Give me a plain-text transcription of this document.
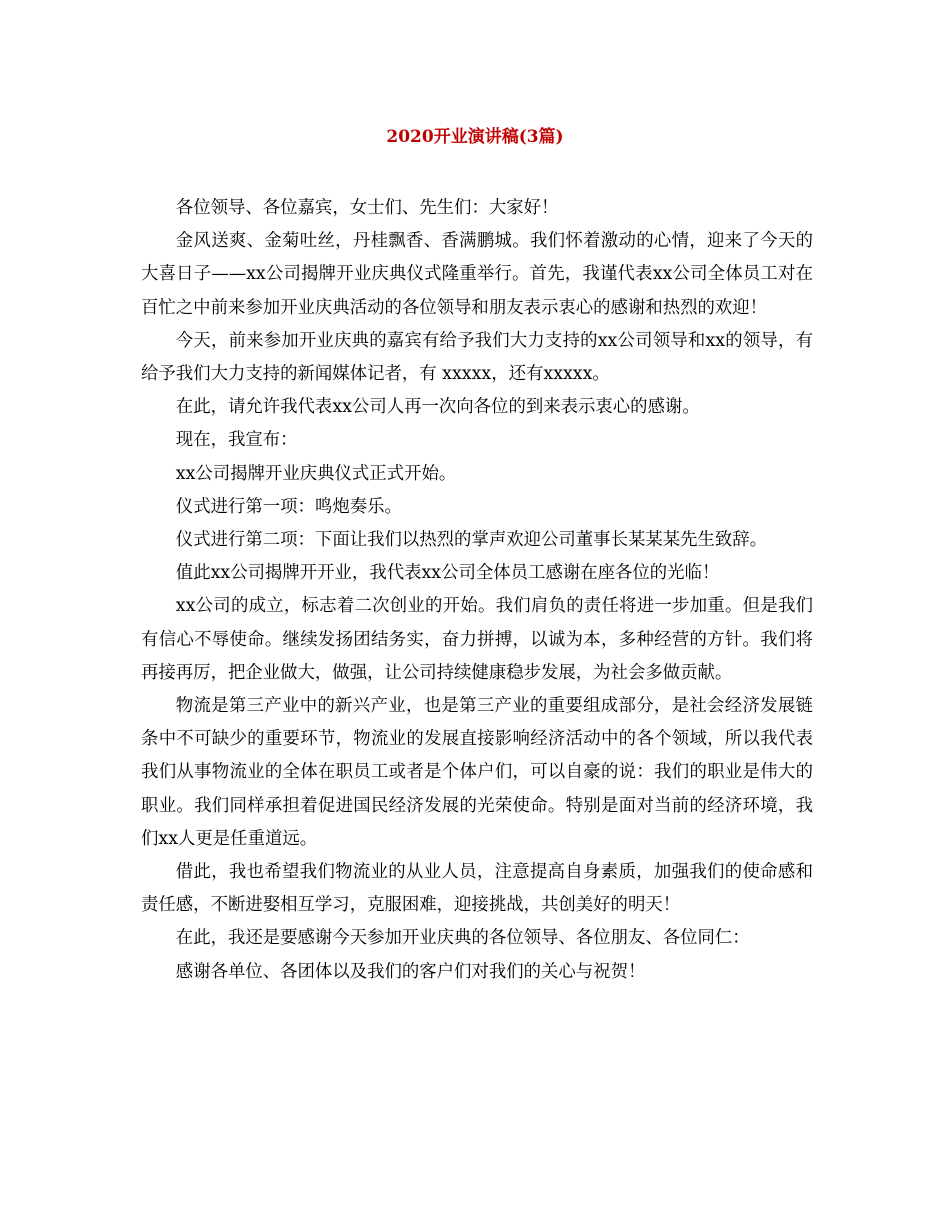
2020开业演讲稿(3篇)

各位领导、各位嘉宾，女士们、先生们：大家好！

金风送爽、金菊吐丝，丹桂飘香、香满鹏城。我们怀着激动的心情，迎来了今天的大喜日子——xx公司揭牌开业庆典仪式隆重举行。首先，我谨代表xx公司全体员工对在百忙之中前来参加开业庆典活动的各位领导和朋友表示衷心的感谢和热烈的欢迎！

今天，前来参加开业庆典的嘉宾有给予我们大力支持的xx公司领导和xx的领导，有给予我们大力支持的新闻媒体记者，有 xxxxx，还有xxxxx。

在此，请允许我代表xx公司人再一次向各位的到来表示衷心的感谢。

现在，我宣布：

xx公司揭牌开业庆典仪式正式开始。

仪式进行第一项：鸣炮奏乐。

仪式进行第二项：下面让我们以热烈的掌声欢迎公司董事长某某某先生致辞。

值此xx公司揭牌开开业，我代表xx公司全体员工感谢在座各位的光临！

xx公司的成立，标志着二次创业的开始。我们肩负的责任将进一步加重。但是我们有信心不辱使命。继续发扬团结务实，奋力拼搏，以诚为本，多种经营的方针。我们将再接再厉，把企业做大，做强，让公司持续健康稳步发展，为社会多做贡献。

物流是第三产业中的新兴产业，也是第三产业的重要组成部分，是社会经济发展链条中不可缺少的重要环节，物流业的发展直接影响经济活动中的各个领域，所以我代表我们从事物流业的全体在职员工或者是个体户们，可以自豪的说：我们的职业是伟大的职业。我们同样承担着促进国民经济发展的光荣使命。特别是面对当前的经济环境，我们xx人更是任重道远。

借此，我也希望我们物流业的从业人员，注意提高自身素质，加强我们的使命感和责任感，不断进娶相互学习，克服困难，迎接挑战，共创美好的明天！

在此，我还是要感谢今天参加开业庆典的各位领导、各位朋友、各位同仁：

感谢各单位、各团体以及我们的客户们对我们的关心与祝贺！
